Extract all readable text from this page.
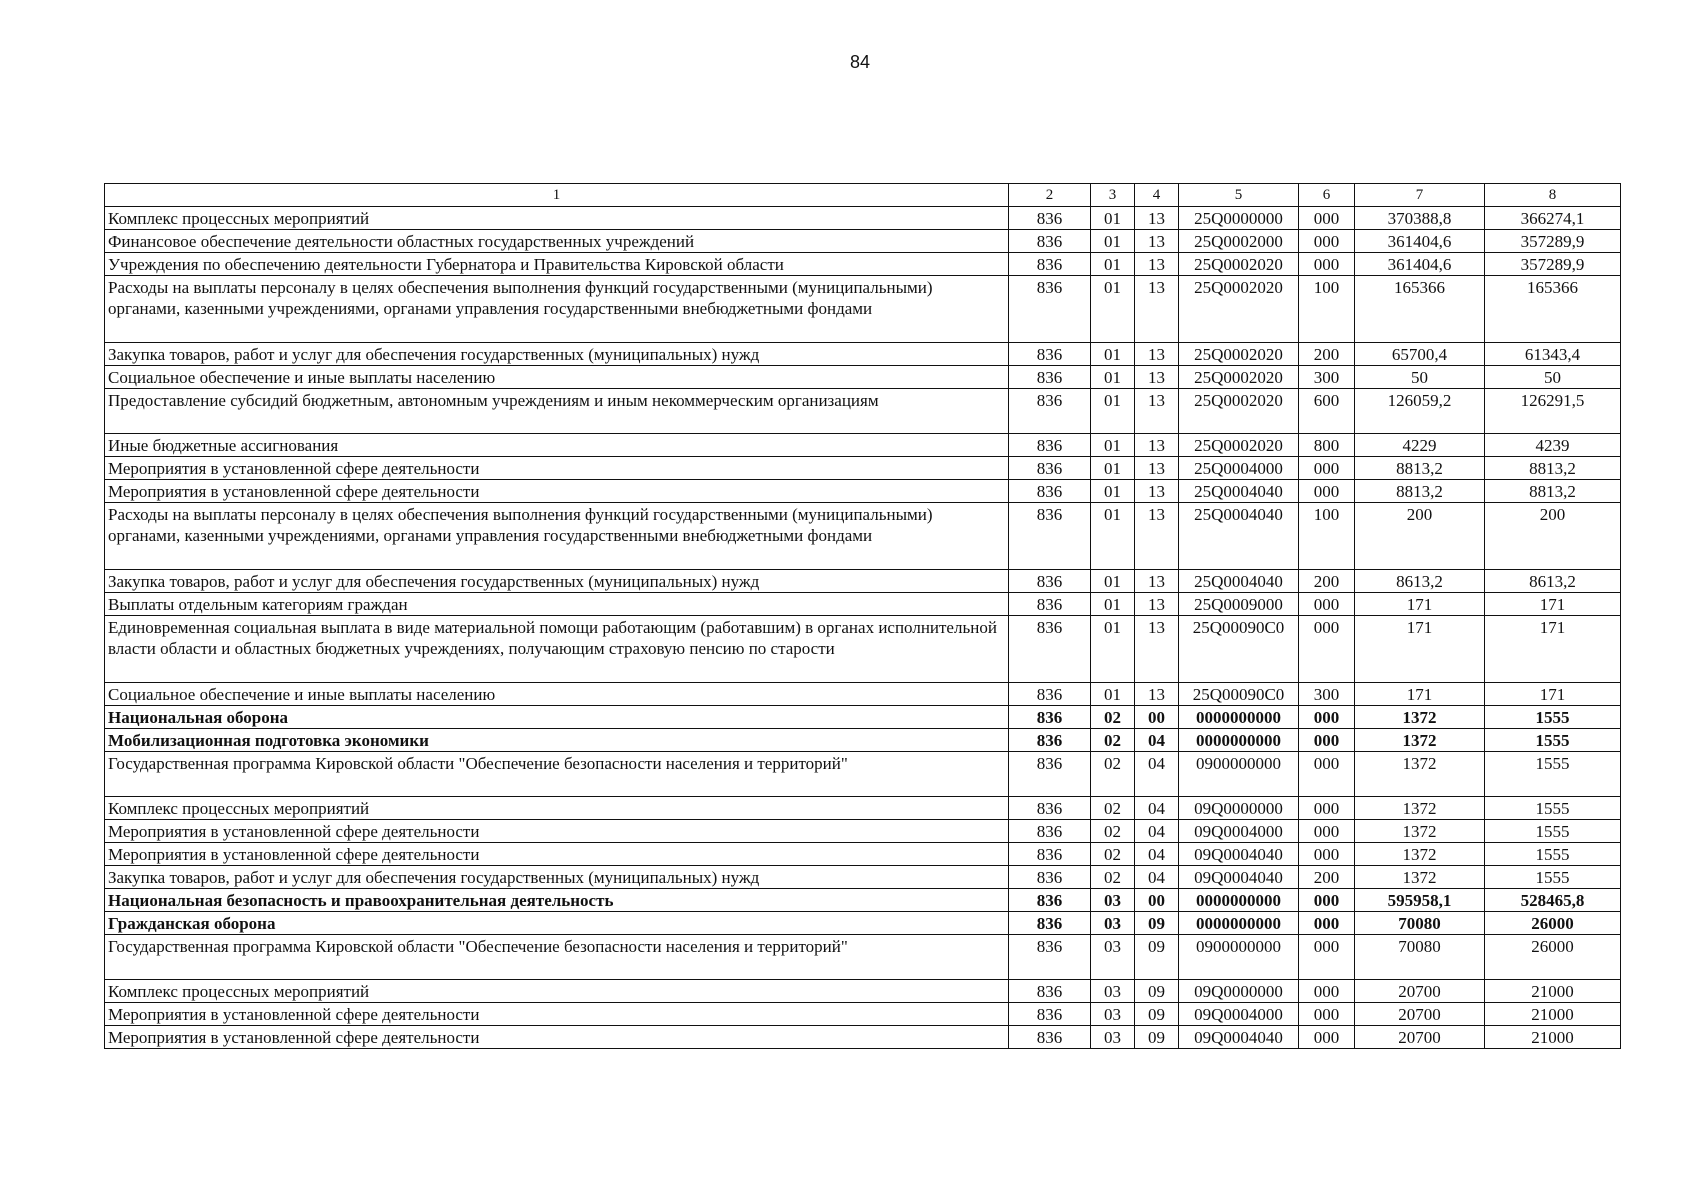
84
1	2	3	4	5	6	7	8
Комплекс процессных мероприятий	836	01	13	25Q0000000	000	370388,8	366274,1
Финансовое обеспечение деятельности областных государственных учреждений	836	01	13	25Q0002000	000	361404,6	357289,9
Учреждения по обеспечению деятельности Губернатора и Правительства Кировской области	836	01	13	25Q0002020	000	361404,6	357289,9
Расходы на выплаты персоналу в целях обеспечения выполнения функций государственными (муниципальными) органами, казенными учреждениями, органами управления государственными внебюджетными фондами	836	01	13	25Q0002020	100	165366	165366
Закупка товаров, работ и услуг для обеспечения государственных (муниципальных) нужд	836	01	13	25Q0002020	200	65700,4	61343,4
Социальное обеспечение и иные выплаты населению	836	01	13	25Q0002020	300	50	50
Предоставление субсидий бюджетным, автономным учреждениям и иным некоммерческим организациям	836	01	13	25Q0002020	600	126059,2	126291,5
Иные бюджетные ассигнования	836	01	13	25Q0002020	800	4229	4239
Мероприятия в установленной сфере деятельности	836	01	13	25Q0004000	000	8813,2	8813,2
Мероприятия в установленной сфере деятельности	836	01	13	25Q0004040	000	8813,2	8813,2
Расходы на выплаты персоналу в целях обеспечения выполнения функций государственными (муниципальными) органами, казенными учреждениями, органами управления государственными внебюджетными фондами	836	01	13	25Q0004040	100	200	200
Закупка товаров, работ и услуг для обеспечения государственных (муниципальных) нужд	836	01	13	25Q0004040	200	8613,2	8613,2
Выплаты отдельным категориям граждан	836	01	13	25Q0009000	000	171	171
Единовременная социальная выплата в виде материальной помощи работающим (работавшим) в органах исполнительной власти области и областных бюджетных учреждениях, получающим страховую пенсию по старости	836	01	13	25Q00090C0	000	171	171
Социальное обеспечение и иные выплаты населению	836	01	13	25Q00090C0	300	171	171
Национальная оборона	836	02	00	0000000000	000	1372	1555
Мобилизационная подготовка экономики	836	02	04	0000000000	000	1372	1555
Государственная программа Кировской области "Обеспечение безопасности населения и территорий"	836	02	04	0900000000	000	1372	1555
Комплекс процессных мероприятий	836	02	04	09Q0000000	000	1372	1555
Мероприятия в установленной сфере деятельности	836	02	04	09Q0004000	000	1372	1555
Мероприятия в установленной сфере деятельности	836	02	04	09Q0004040	000	1372	1555
Закупка товаров, работ и услуг для обеспечения государственных (муниципальных) нужд	836	02	04	09Q0004040	200	1372	1555
Национальная безопасность и правоохранительная деятельность	836	03	00	0000000000	000	595958,1	528465,8
Гражданская оборона	836	03	09	0000000000	000	70080	26000
Государственная программа Кировской области "Обеспечение безопасности населения и территорий"	836	03	09	0900000000	000	70080	26000
Комплекс процессных мероприятий	836	03	09	09Q0000000	000	20700	21000
Мероприятия в установленной сфере деятельности	836	03	09	09Q0004000	000	20700	21000
Мероприятия в установленной сфере деятельности	836	03	09	09Q0004040	000	20700	21000
